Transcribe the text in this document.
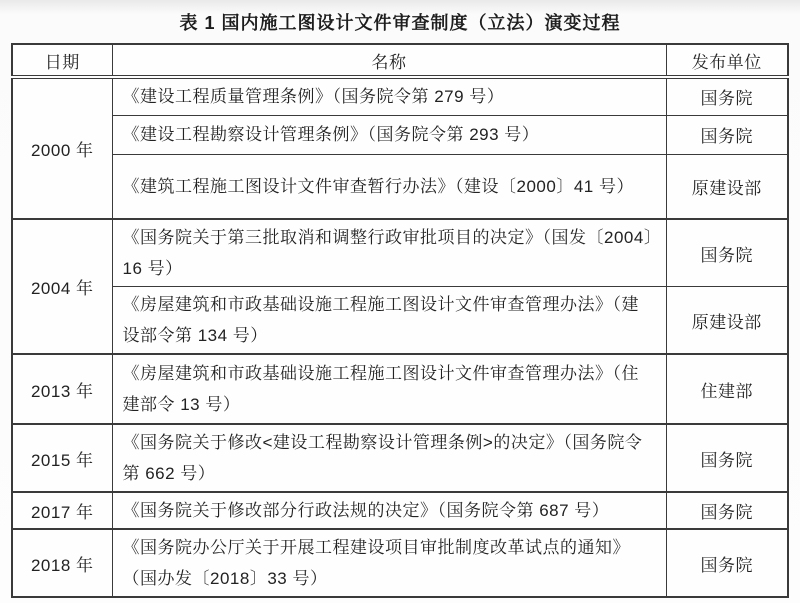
表 1 国内施工图设计文件审查制度（立法）演变过程
日期	名称	发布单位
2000 年	《建设工程质量管理条例》（国务院令第 279 号）	国务院
	《建设工程勘察设计管理条例》（国务院令第 293 号）	国务院
	《建筑工程施工图设计文件审查暂行办法》（建设〔2000〕41 号）	原建设部
2004 年	《国务院关于第三批取消和调整行政审批项目的决定》（国发〔2004〕16 号）	国务院
	《房屋建筑和市政基础设施工程施工图设计文件审查管理办法》（建设部令第 134 号）	原建设部
2013 年	《房屋建筑和市政基础设施工程施工图设计文件审查管理办法》（住建部令 13 号）	住建部
2015 年	《国务院关于修改<建设工程勘察设计管理条例>的决定》（国务院令第 662 号）	国务院
2017 年	《国务院关于修改部分行政法规的决定》（国务院令第 687 号）	国务院
2018 年	《国务院办公厅关于开展工程建设项目审批制度改革试点的通知》（国办发〔2018〕33 号）	国务院
